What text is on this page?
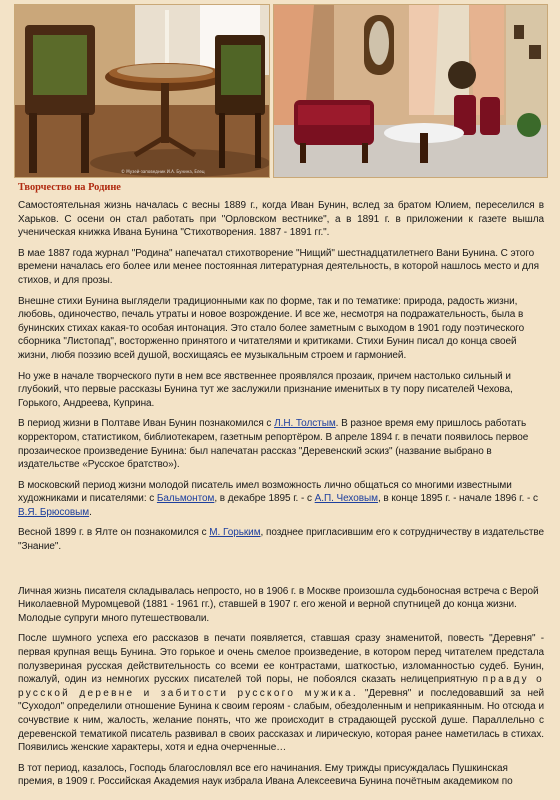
© Музей-заповедник И.А. Бунина, Елец
Творчество на Родине

Самостоятельная жизнь началась с весны 1889 г., когда Иван Бунин, вслед за братом Юлием, переселился в Харьков. С осени он стал работать при "Орловском вестнике", а в 1891 г. в приложении к газете вышла ученическая книжка Ивана Бунина "Стихотворения. 1887 - 1891 гг.".

В мае 1887 года журнал "Родина" напечатал стихотворение "Нищий" шестнадцатилетнего Вани Бунина. С этого времени началась его более или менее постоянная литературная деятельность, в которой нашлось место и для стихов, и для прозы.

Внешне стихи Бунина выглядели традиционными как по форме, так и по тематике: природа, радость жизни, любовь, одиночество, печаль утраты и новое возрождение. И все же, несмотря на подражательность, была в бунинских стихах какая-то особая интонация. Это стало более заметным с выходом в 1901 году поэтического сборника "Листопад", восторженно принятого и читателями и критиками. Стихи Бунин писал до конца своей жизни, любя поэзию всей душой, восхищаясь ее музыкальным строем и гармонией.

Но уже в начале творческого пути в нем все явственнее проявлялся прозаик, причем настолько сильный и глубокий, что первые рассказы Бунина тут же заслужили признание именитых в ту пору писателей Чехова, Горького, Андреева, Куприна.

В период жизни в Полтаве Иван Бунин познакомился с Л.Н. Толстым. В разное время ему пришлось работать корректором, статистиком, библиотекарем, газетным репортёром. В апреле 1894 г. в печати появилось первое прозаическое произведение Бунина: был напечатан рассказ "Деревенский эскиз" (название выбрано в издательстве «Русское братство»).

В московский период жизни молодой писатель имел возможность лично общаться со многими известными художниками и писателями: с Бальмонтом, в декабре 1895 г. - с А.П. Чеховым, в конце 1895 г. - начале 1896 г. - с В.Я. Брюсовым.

Весной 1899 г. в Ялте он познакомился с М. Горьким, позднее пригласившим его к сотрудничеству в издательстве "Знание".

Личная жизнь писателя складывалась непросто, но в 1906 г. в Москве произошла судьбоносная встреча с Верой Николаевной Муромцевой (1881 - 1961 гг.), ставшей в 1907 г. его женой и верной спутницей до конца жизни. Молодые супруги много путешествовали.

После шумного успеха его рассказов в печати появляется, ставшая сразу знаменитой, повесть "Деревня" - первая крупная вещь Бунина. Это горькое и очень смелое произведение, в котором перед читателем предстала полузвериная русская действительность со всеми ее контрастами, шаткостью, изломанностью судеб. Бунин, пожалуй, один из немногих русских писателей той поры, не побоялся сказать нелицеприятную правду о русской деревне и забитости русского мужика. "Деревня" и последовавший за ней "Суходол" определили отношение Бунина к своим героям - слабым, обездоленным и неприкаянным. Но отсюда и сочувствие к ним, жалость, желание понять, что же происходит в страдающей русской душе. Параллельно с деревенской тематикой писатель развивал в своих рассказах и лирическую, которая ранее наметилась в стихах. Появились женские характеры, хотя и една очерченные…

В тот период, казалось, Господь благословлял все его начинания. Ему трижды присуждалась Пушкинская премия, в 1909 г. Российская Академия наук избрала Ивана Алексеевича Бунина почётным академиком по
